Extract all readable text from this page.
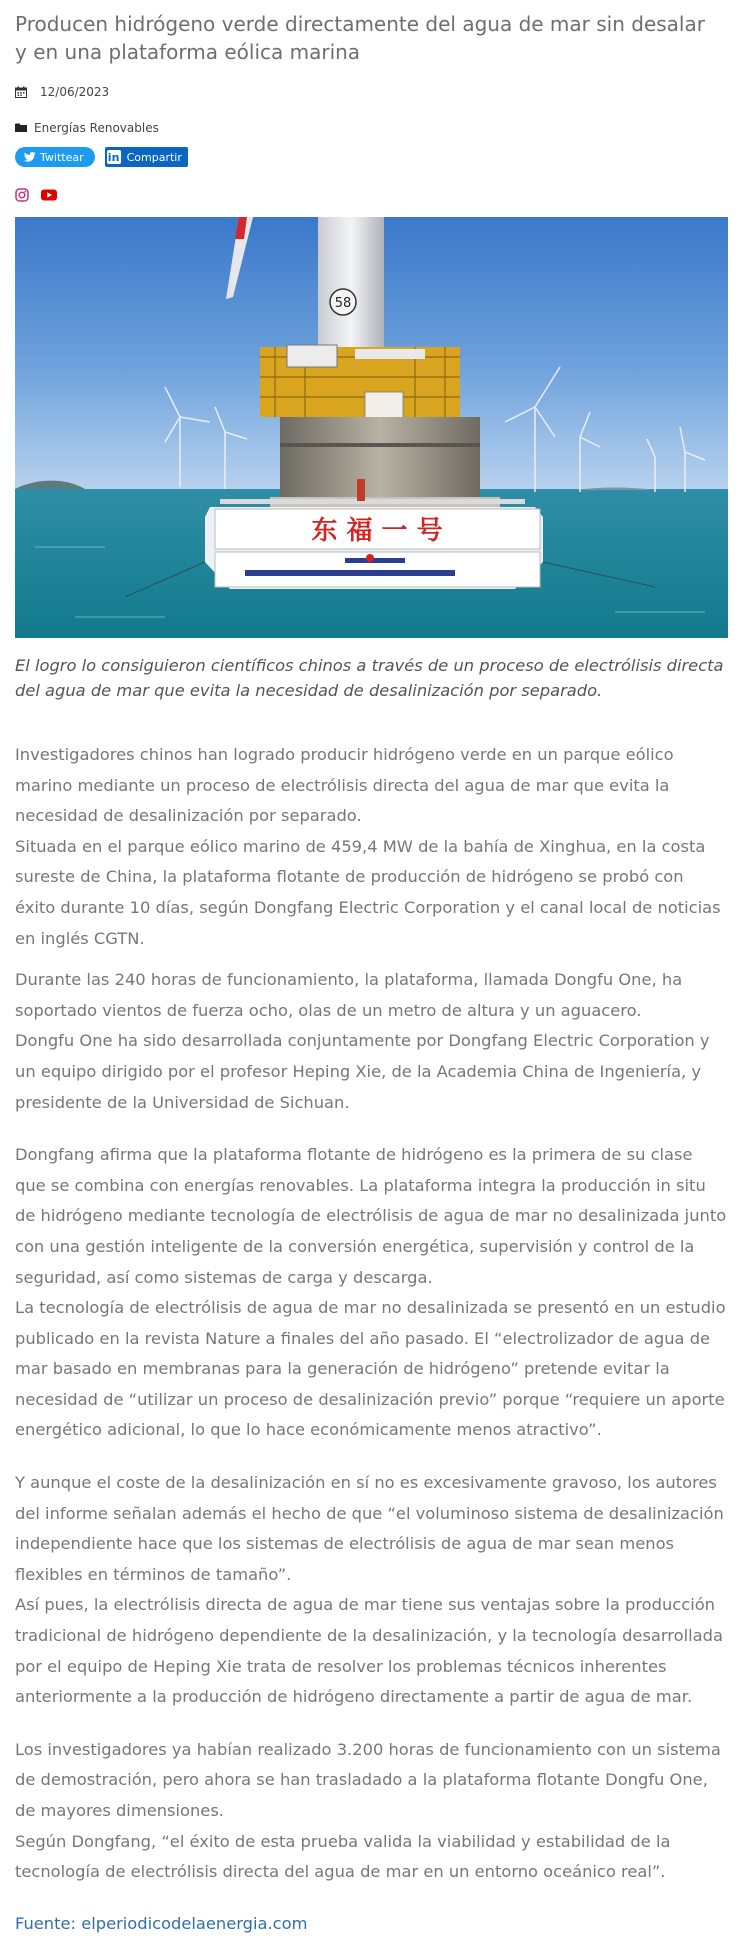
Producen hidrógeno verde directamente del agua de mar sin desalar y en una plataforma eólica marina
12/06/2023
Energías Renovables
Twittear in Compartir
58
东 福 一 号

El logro lo consiguieron científicos chinos a través de un proceso de electrólisis directa del agua de mar que evita la necesidad de desalinización por separado.

Investigadores chinos han logrado producir hidrógeno verde en un parque eólico marino mediante un proceso de electrólisis directa del agua de mar que evita la necesidad de desalinización por separado.

Situada en el parque eólico marino de 459,4 MW de la bahía de Xinghua, en la costa sureste de China, la plataforma flotante de producción de hidrógeno se probó con éxito durante 10 días, según Dongfang Electric Corporation y el canal local de noticias en inglés CGTN.

Durante las 240 horas de funcionamiento, la plataforma, llamada Dongfu One, ha soportado vientos de fuerza ocho, olas de un metro de altura y un aguacero.

Dongfu One ha sido desarrollada conjuntamente por Dongfang Electric Corporation y un equipo dirigido por el profesor Heping Xie, de la Academia China de Ingeniería, y presidente de la Universidad de Sichuan.

Dongfang afirma que la plataforma flotante de hidrógeno es la primera de su clase que se combina con energías renovables. La plataforma integra la producción in situ de hidrógeno mediante tecnología de electrólisis de agua de mar no desalinizada junto con una gestión inteligente de la conversión energética, supervisión y control de la seguridad, así como sistemas de carga y descarga.

La tecnología de electrólisis de agua de mar no desalinizada se presentó en un estudio publicado en la revista Nature a finales del año pasado. El “electrolizador de agua de mar basado en membranas para la generación de hidrógeno” pretende evitar la necesidad de “utilizar un proceso de desalinización previo” porque “requiere un aporte energético adicional, lo que lo hace económicamente menos atractivo”.

Y aunque el coste de la desalinización en sí no es excesivamente gravoso, los autores del informe señalan además el hecho de que “el voluminoso sistema de desalinización independiente hace que los sistemas de electrólisis de agua de mar sean menos flexibles en términos de tamaño”.

Así pues, la electrólisis directa de agua de mar tiene sus ventajas sobre la producción tradicional de hidrógeno dependiente de la desalinización, y la tecnología desarrollada por el equipo de Heping Xie trata de resolver los problemas técnicos inherentes anteriormente a la producción de hidrógeno directamente a partir de agua de mar.

Los investigadores ya habían realizado 3.200 horas de funcionamiento con un sistema de demostración, pero ahora se han trasladado a la plataforma flotante Dongfu One, de mayores dimensiones.

Según Dongfang, “el éxito de esta prueba valida la viabilidad y estabilidad de la tecnología de electrólisis directa del agua de mar en un entorno oceánico real”.

Fuente: elperiodicodelaenergia.com
